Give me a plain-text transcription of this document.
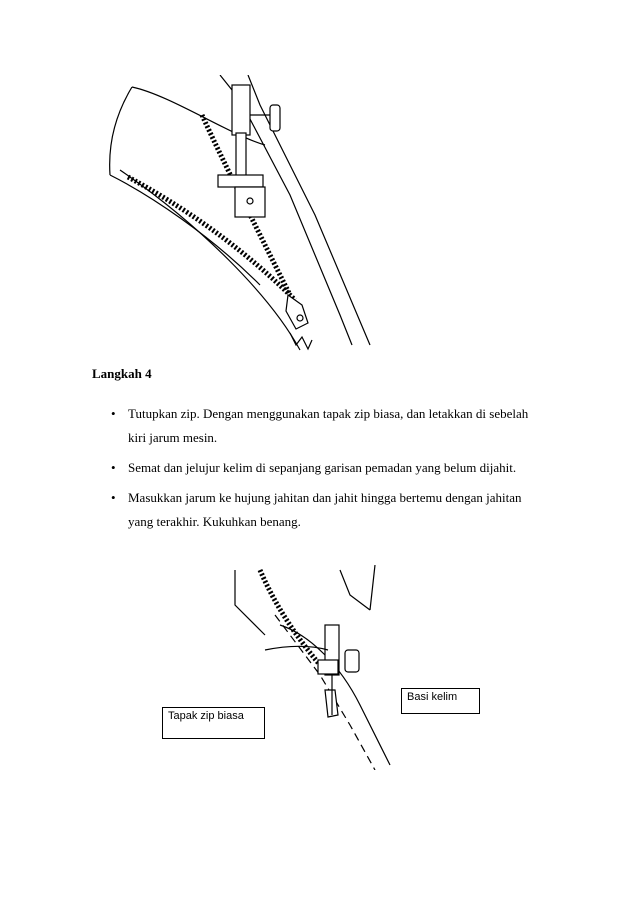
Langkah 4
• Tutupkan zip. Dengan menggunakan tapak zip biasa, dan letakkan di sebelah kiri jarum mesin.
• Semat dan jelujur kelim di sepanjang garisan pemadan yang belum dijahit.
• Masukkan jarum ke hujung jahitan dan jahit hingga bertemu dengan jahitan yang terakhir. Kukuhkan benang.
Tapak zip biasa
Basi kelim
